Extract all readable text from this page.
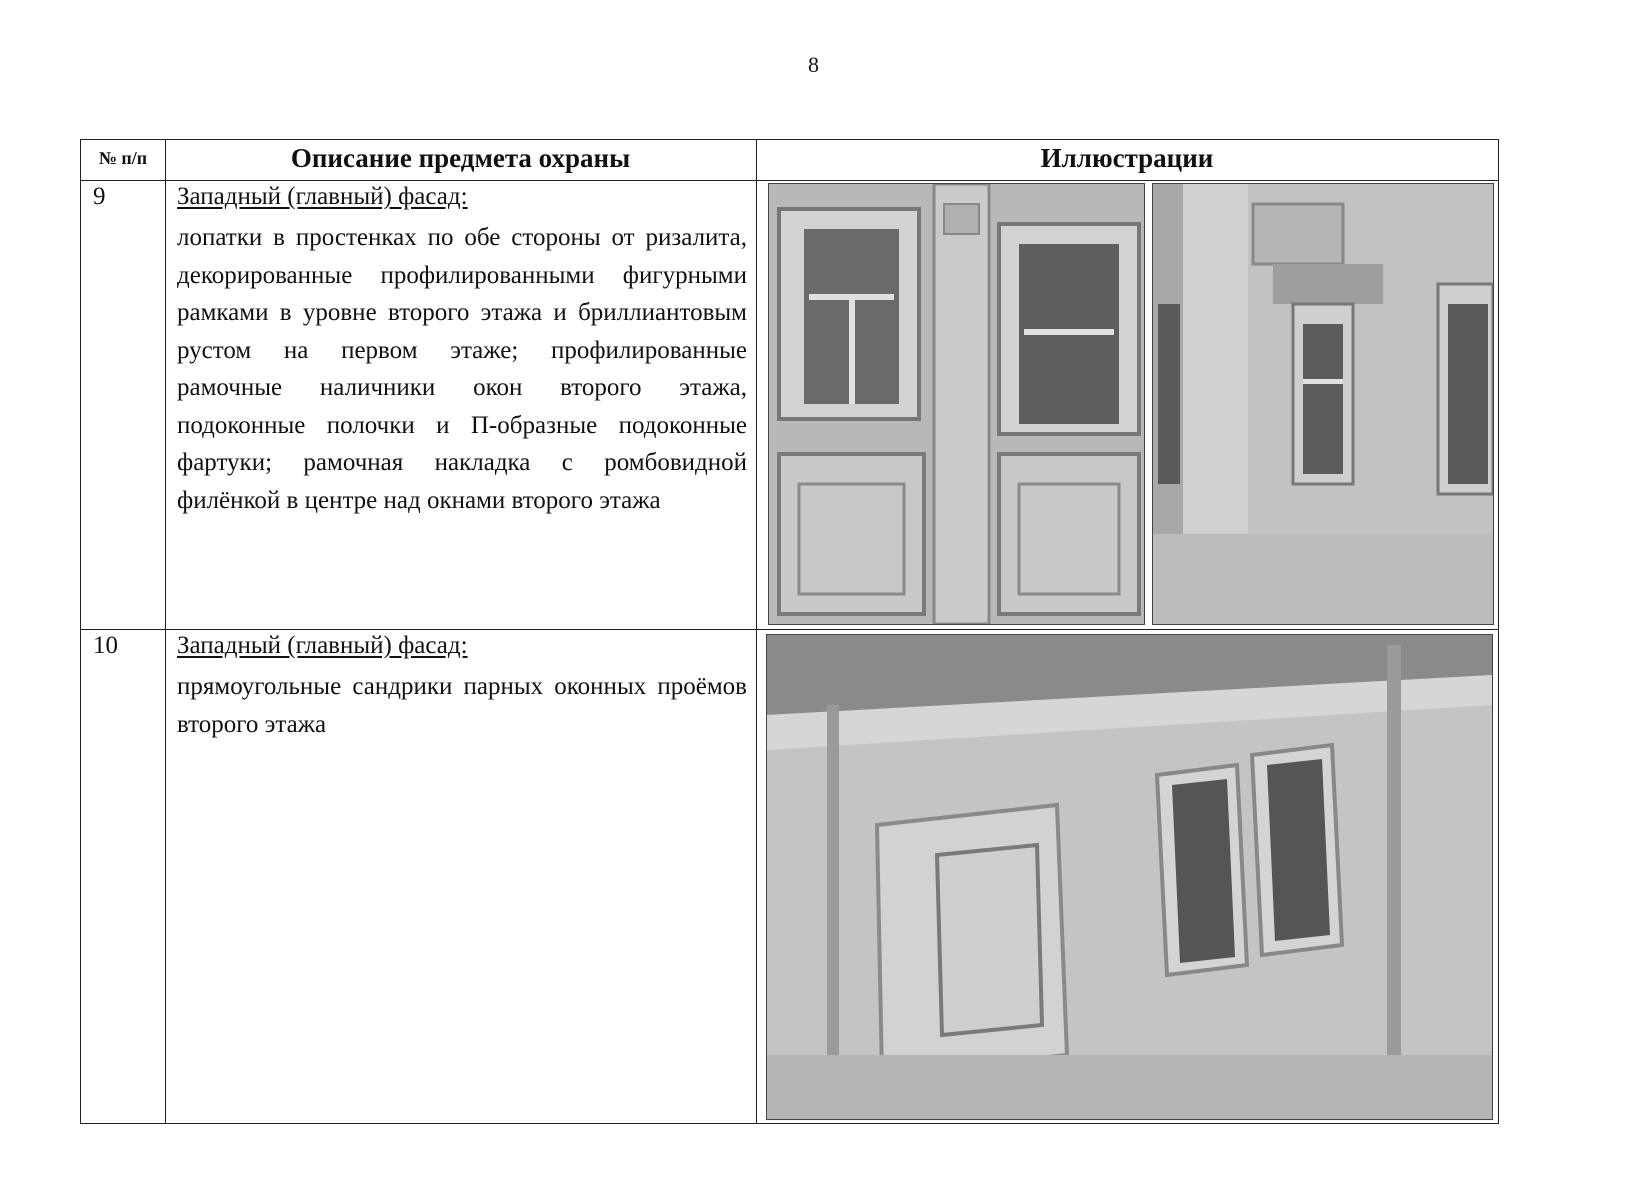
8
№ п/п	Описание предмета охраны	Иллюстрации
9	Западный (главный) фасад:
лопатки в простенках по обе стороны от ризалита, декорированные профилированными фигурными рамками в уровне второго этажа и бриллиантовым рустом на первом этаже; профилированные рамочные наличники окон второго этажа, подоконные полочки и П-образные подоконные фартуки; рамочная накладка с ромбовидной филёнкой в центре над окнами второго этажа
10 Западный (главный) фасад:
прямоугольные сандрики парных оконных проёмов второго этажа
